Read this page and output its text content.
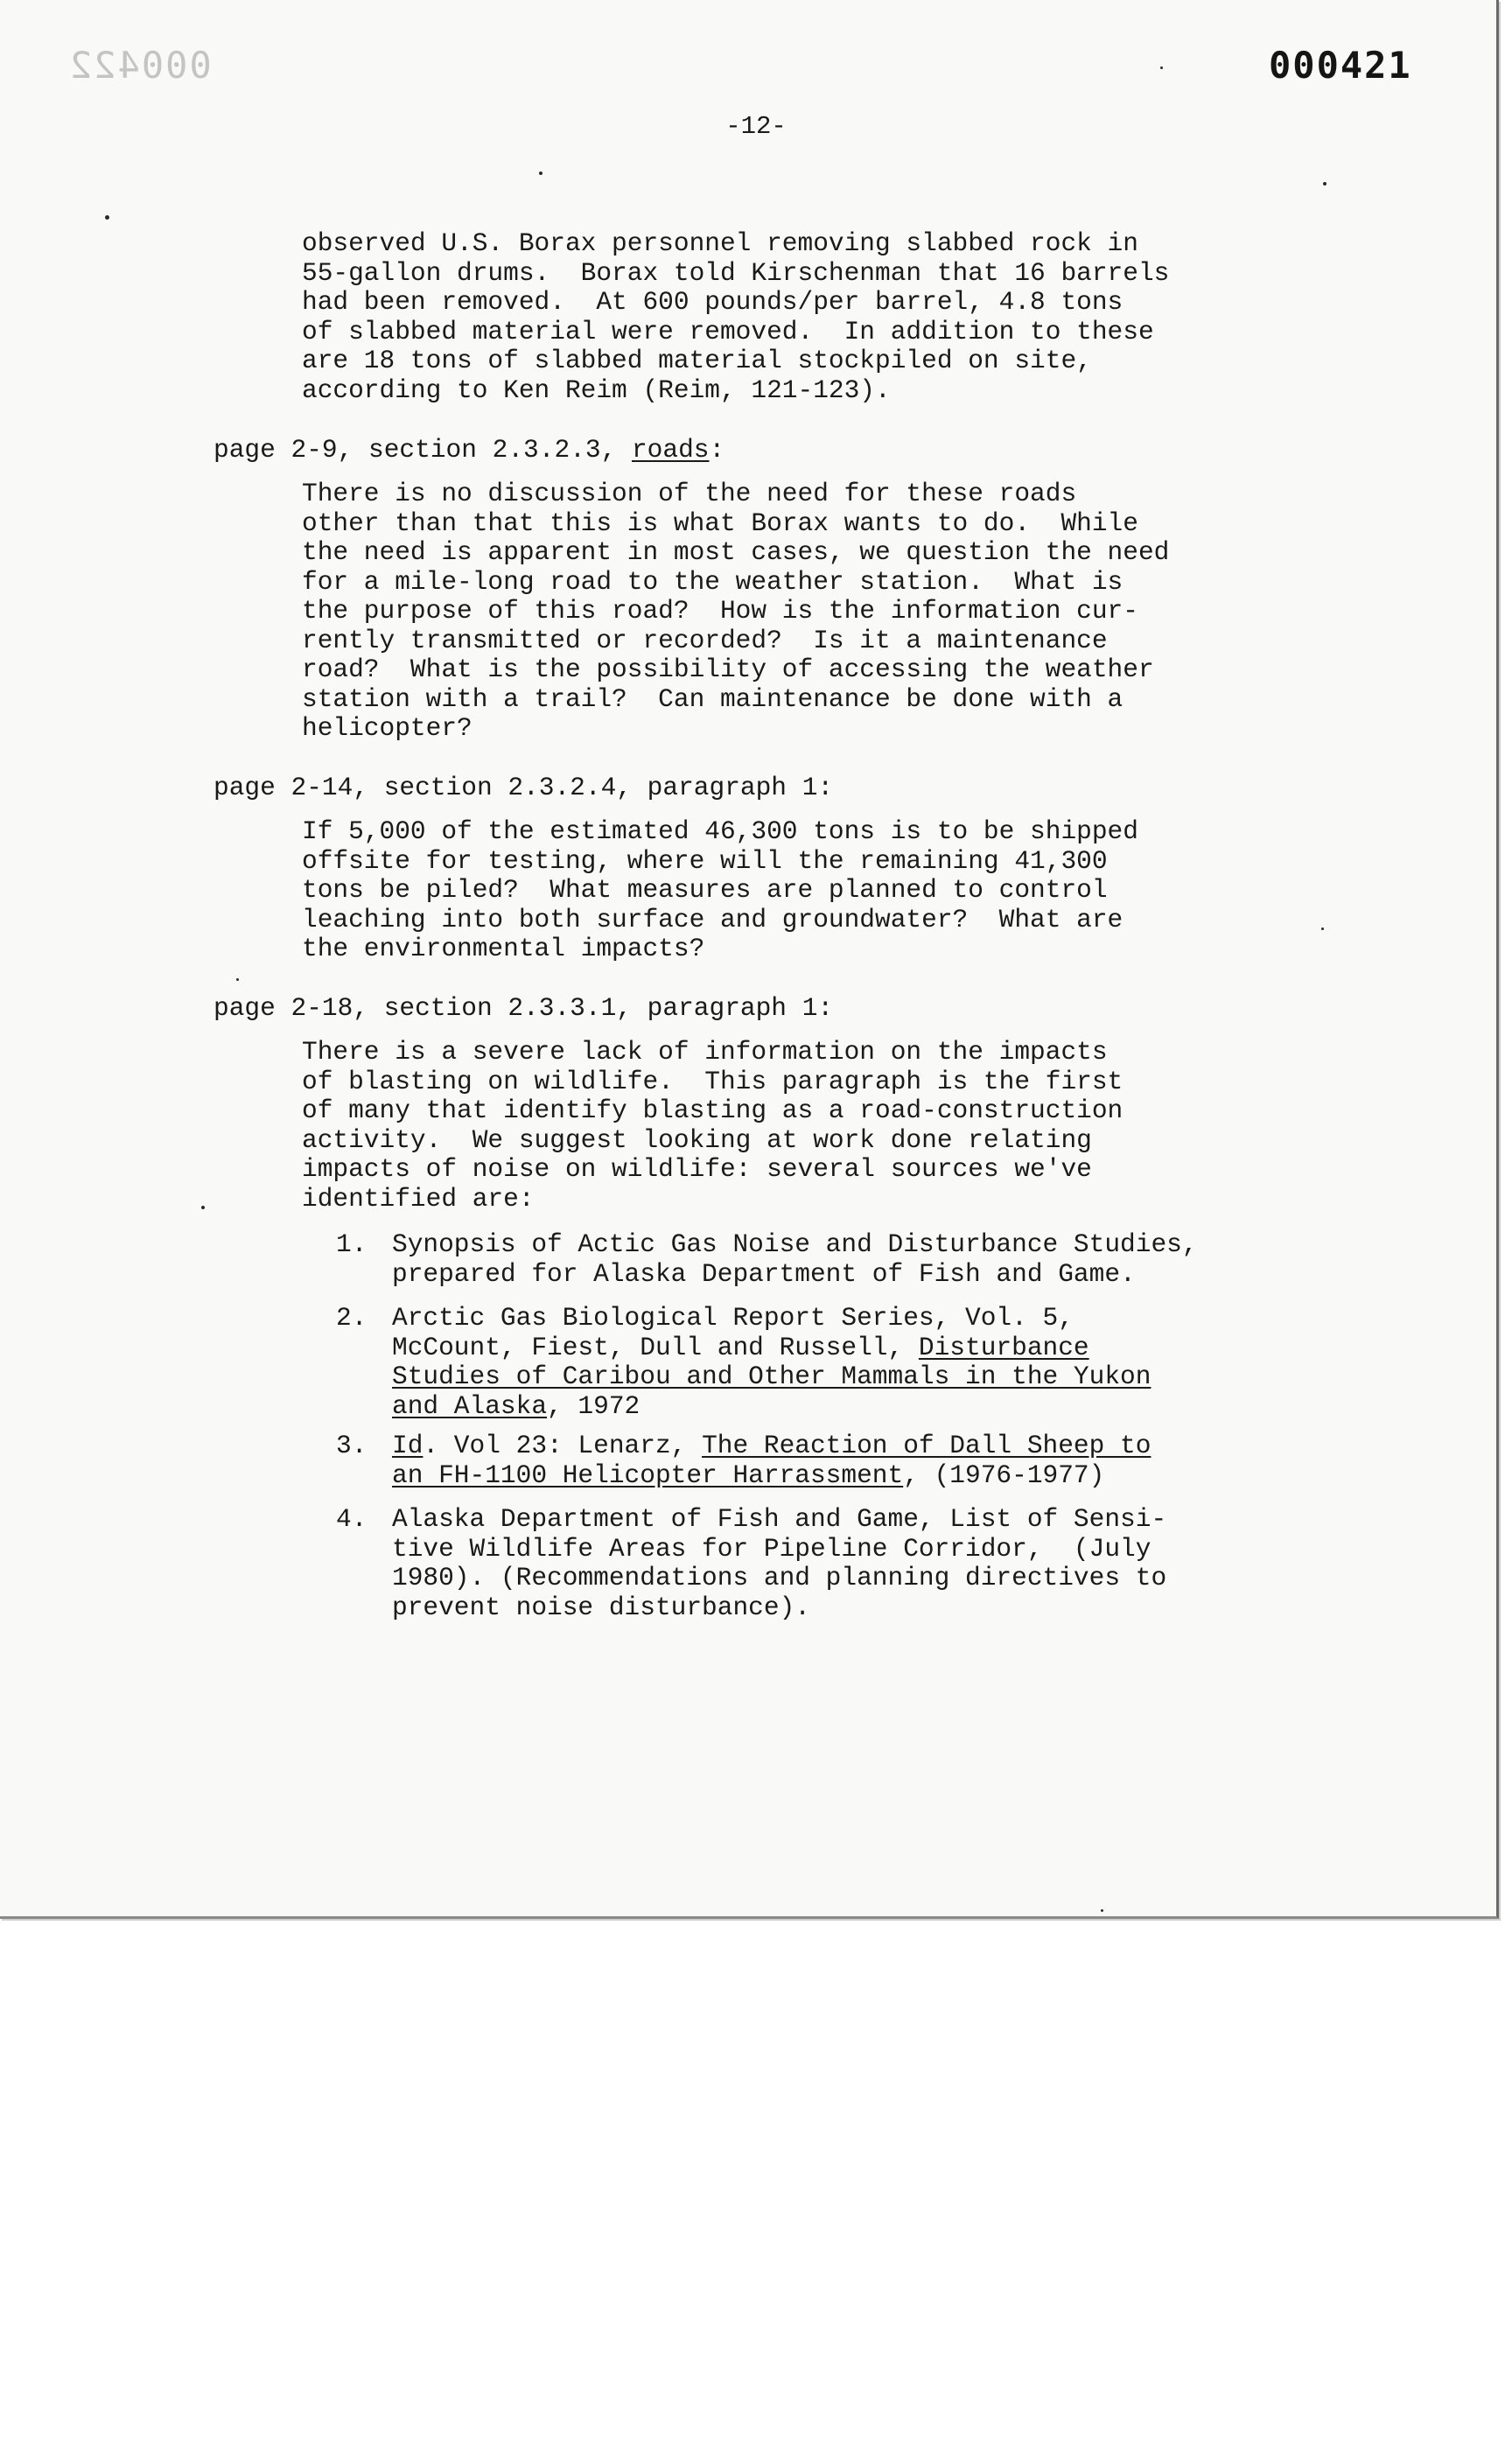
000422	000421
-12-

observed U.S. Borax personnel removing slabbed rock in
55-gallon drums.  Borax told Kirschenman that 16 barrels
had been removed.  At 600 pounds/per barrel, 4.8 tons
of slabbed material were removed.  In addition to these
are 18 tons of slabbed material stockpiled on site,
according to Ken Reim (Reim, 121-123).

page 2-9, section 2.3.2.3, roads:

There is no discussion of the need for these roads
other than that this is what Borax wants to do.  While
the need is apparent in most cases, we question the need
for a mile-long road to the weather station.  What is
the purpose of this road?  How is the information cur-
rently transmitted or recorded?  Is it a maintenance
road?  What is the possibility of accessing the weather
station with a trail?  Can maintenance be done with a
helicopter?

page 2-14, section 2.3.2.4, paragraph 1:

If 5,000 of the estimated 46,300 tons is to be shipped
offsite for testing, where will the remaining 41,300
tons be piled?  What measures are planned to control
leaching into both surface and groundwater?  What are
the environmental impacts?

page 2-18, section 2.3.3.1, paragraph 1:

There is a severe lack of information on the impacts
of blasting on wildlife.  This paragraph is the first
of many that identify blasting as a road-construction
activity.  We suggest looking at work done relating
impacts of noise on wildlife: several sources we've
identified are:

1. Synopsis of Actic Gas Noise and Disturbance Studies,
prepared for Alaska Department of Fish and Game.
2. Arctic Gas Biological Report Series, Vol. 5,
McCount, Fiest, Dull and Russell, Disturbance
Studies of Caribou and Other Mammals in the Yukon
and Alaska, 1972
3. Id. Vol 23: Lenarz, The Reaction of Dall Sheep to
an FH-1100 Helicopter Harrassment, (1976-1977)
4. Alaska Department of Fish and Game, List of Sensi-
tive Wildlife Areas for Pipeline Corridor,  (July
1980). (Recommendations and planning directives to
prevent noise disturbance).
